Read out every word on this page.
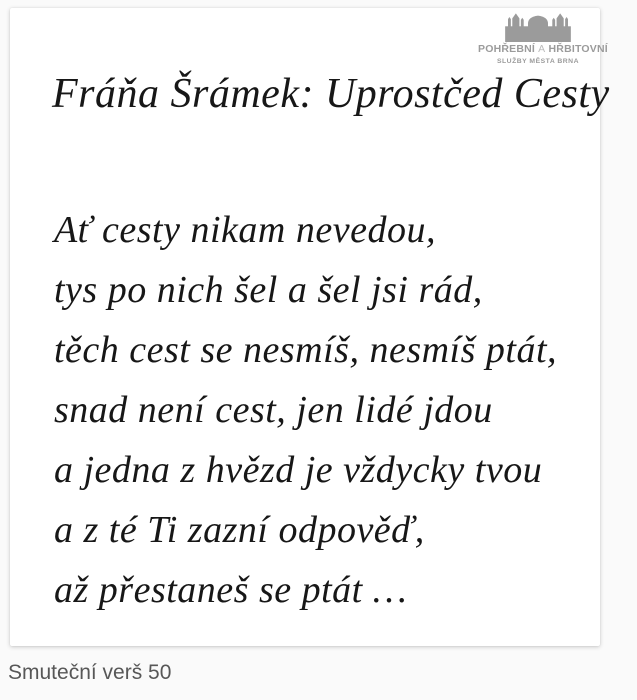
POHŘEBNÍ A HŘBITOVNÍ
SLUŽBY MĚSTA BRNA
Fráňa Šrámek: Uprostčed Cesty
Ať cesty nikam nevedou,
tys po nich šel a šel jsi rád,
těch cest se nesmíš, nesmíš ptát,
snad není cest, jen lidé jdou
a jedna z hvězd je vždycky tvou
a z té Ti zazní odpověď,
až přestaneš se ptát …
Smuteční verš 50
